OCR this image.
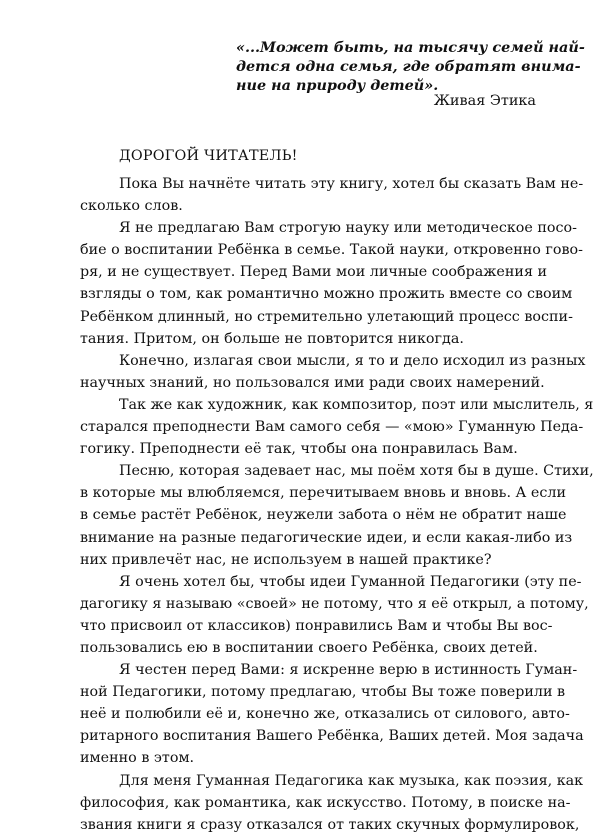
«...Может быть, на тысячу семей най-
дется одна семья, где обратят внима-
ние на природу детей».
Живая Этика
ДОРОГОЙ ЧИТАТЕЛЬ!
Пока Вы начнёте читать эту книгу, хотел бы сказать Вам не-
сколько слов.
Я не предлагаю Вам строгую науку или методическое посо-
бие о воспитании Ребёнка в семье. Такой науки, откровенно гово-
ря, и не существует. Перед Вами мои личные соображения и
взгляды о том, как романтично можно прожить вместе со своим
Ребёнком длинный, но стремительно улетающий процесс воспи-
тания. Притом, он больше не повторится никогда.
Конечно, излагая свои мысли, я то и дело исходил из разных
научных знаний, но пользовался ими ради своих намерений.
Так же как художник, как композитор, поэт или мыслитель, я
старался преподнести Вам самого себя — «мою» Гуманную Педа-
гогику. Преподнести её так, чтобы она понравилась Вам.
Песню, которая задевает нас, мы поём хотя бы в душе. Стихи,
в которые мы влюбляемся, перечитываем вновь и вновь. А если
в семье растёт Ребёнок, неужели забота о нём не обратит наше
внимание на разные педагогические идеи, и если какая-либо из
них привлечёт нас, не используем в нашей практике?
Я очень хотел бы, чтобы идеи Гуманной Педагогики (эту пе-
дагогику я называю «своей» не потому, что я её открыл, а потому,
что присвоил от классиков) понравились Вам и чтобы Вы вос-
пользовались ею в воспитании своего Ребёнка, своих детей.
Я честен перед Вами: я искренне верю в истинность Гуман-
ной Педагогики, потому предлагаю, чтобы Вы тоже поверили в
неё и полюбили её и, конечно же, отказались от силового, авто-
ритарного воспитания Вашего Ребёнка, Ваших детей. Моя задача
именно в этом.
Для меня Гуманная Педагогика как музыка, как поэзия, как
философия, как романтика, как искусство. Потому, в поиске на-
звания книги я сразу отказался от таких скучных формулировок,
